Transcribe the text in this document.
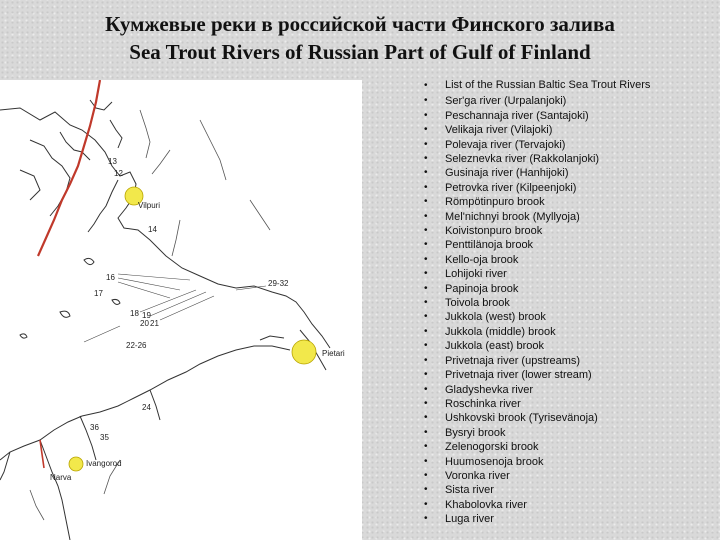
Кумжевые реки в российской части Финского залива
Sea Trout Rivers of Russian Part of Gulf of Finland
Vilpuri
Pietari
Narva
Ivangorod
12
13
14
16
17
18 19
20 21
22-26
24
29-32
36
35
• List of the Russian Baltic Sea Trout Rivers
• Ser'ga river (Urpalanjoki)
• Peschannaja river (Santajoki)
• Velikaja river (Vilajoki)
• Polevaja river (Tervajoki)
• Seleznevka river (Rakkolanjoki)
• Gusinaja river (Hanhijoki)
• Petrovka river (Kilpeenjoki)
• Römpötinpuro brook
• Mel'nichnyi brook (Myllyoja)
• Koivistonpuro brook
• Penttilänoja brook
• Kello-oja brook
• Lohijoki river
• Papinoja brook
• Toivola brook
• Jukkola (west) brook
• Jukkola (middle) brook
• Jukkola (east) brook
• Privetnaja river (upstreams)
• Privetnaja river (lower stream)
• Gladyshevka river
• Roschinka river
• Ushkovski brook (Tyrisevänoja)
• Bysryi brook
• Zelenogorski brook
• Huumosenoja brook
• Voronka river
• Sista river
• Khabolovka river
• Luga river
